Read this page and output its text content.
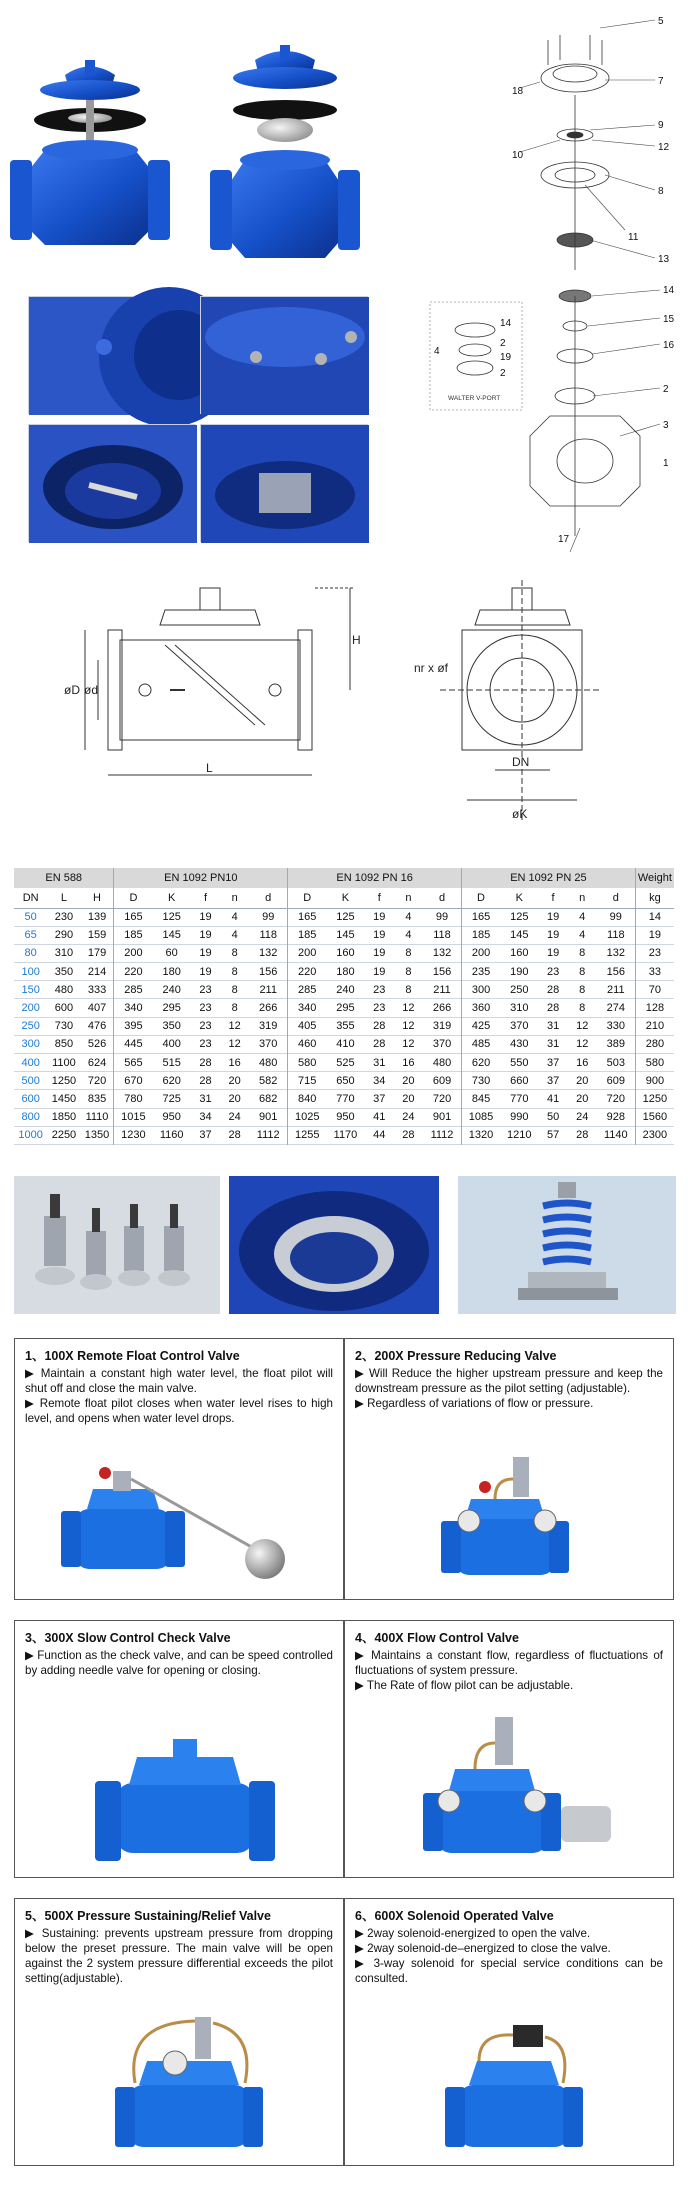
5
18
7
10
9
12
8
11
13
14
15
16
2
3
1
17
14
2
19
4
2
WALTER V-PORT
H
øD ød
L
nr x øf
DN
øK
EN 588			EN 1092 PN10					EN 1092 PN 16					EN 1092 PN 25					Weight
DN	L	H	D	K	f	n	d	D	K	f	n	d	D	K	f	n	d	kg
50	230	139	165	125	19	4	99	165	125	19	4	99	165	125	19	4	99	14
65	290	159	185	145	19	4	118	185	145	19	4	118	185	145	19	4	118	19
80	310	179	200	60	19	8	132	200	160	19	8	132	200	160	19	8	132	23
100	350	214	220	180	19	8	156	220	180	19	8	156	235	190	23	8	156	33
150	480	333	285	240	23	8	211	285	240	23	8	211	300	250	28	8	211	70
200	600	407	340	295	23	8	266	340	295	23	12	266	360	310	28	8	274	128
250	730	476	395	350	23	12	319	405	355	28	12	319	425	370	31	12	330	210
300	850	526	445	400	23	12	370	460	410	28	12	370	485	430	31	12	389	280
400	1100	624	565	515	28	16	480	580	525	31	16	480	620	550	37	16	503	580
500	1250	720	670	620	28	20	582	715	650	34	20	609	730	660	37	20	609	900
600	1450	835	780	725	31	20	682	840	770	37	20	720	845	770	41	20	720	1250
800	1850	1110	1015	950	34	24	901	1025	950	41	24	901	1085	990	50	24	928	1560
1000	2250	1350	1230	1160	37	28	1112	1255	1170	44	28	1112	1320	1210	57	28	1140	2300
1、100X Remote Float Control Valve

▶ Maintain a constant high water level, the float pilot will shut off and close the main valve.

▶ Remote float pilot closes when water level rises to high level, and opens when water level drops.

2、200X Pressure Reducing Valve

▶ Will Reduce the higher upstream pressure and keep the downstream pressure as the pilot setting (adjustable).

▶ Regardless of variations of flow or pressure.

3、300X Slow Control Check Valve

▶ Function as the check valve, and can be speed controlled by adding needle valve for opening or closing.

4、400X Flow Control Valve

▶ Maintains a constant flow, regardless of fluctuations of fluctuations of system pressure.

▶ The Rate of flow pilot can be adjustable.

5、500X Pressure Sustaining/Relief Valve

▶ Sustaining: prevents upstream pressure from dropping below the preset pressure. The main valve will be open against the 2 system pressure differential exceeds the pilot setting(adjustable).

6、600X Solenoid Operated Valve

▶ 2way solenoid-energized to open the valve.

▶ 2way solenoid-de–energized to close the valve.

▶ 3-way solenoid for special service conditions can be consulted.
